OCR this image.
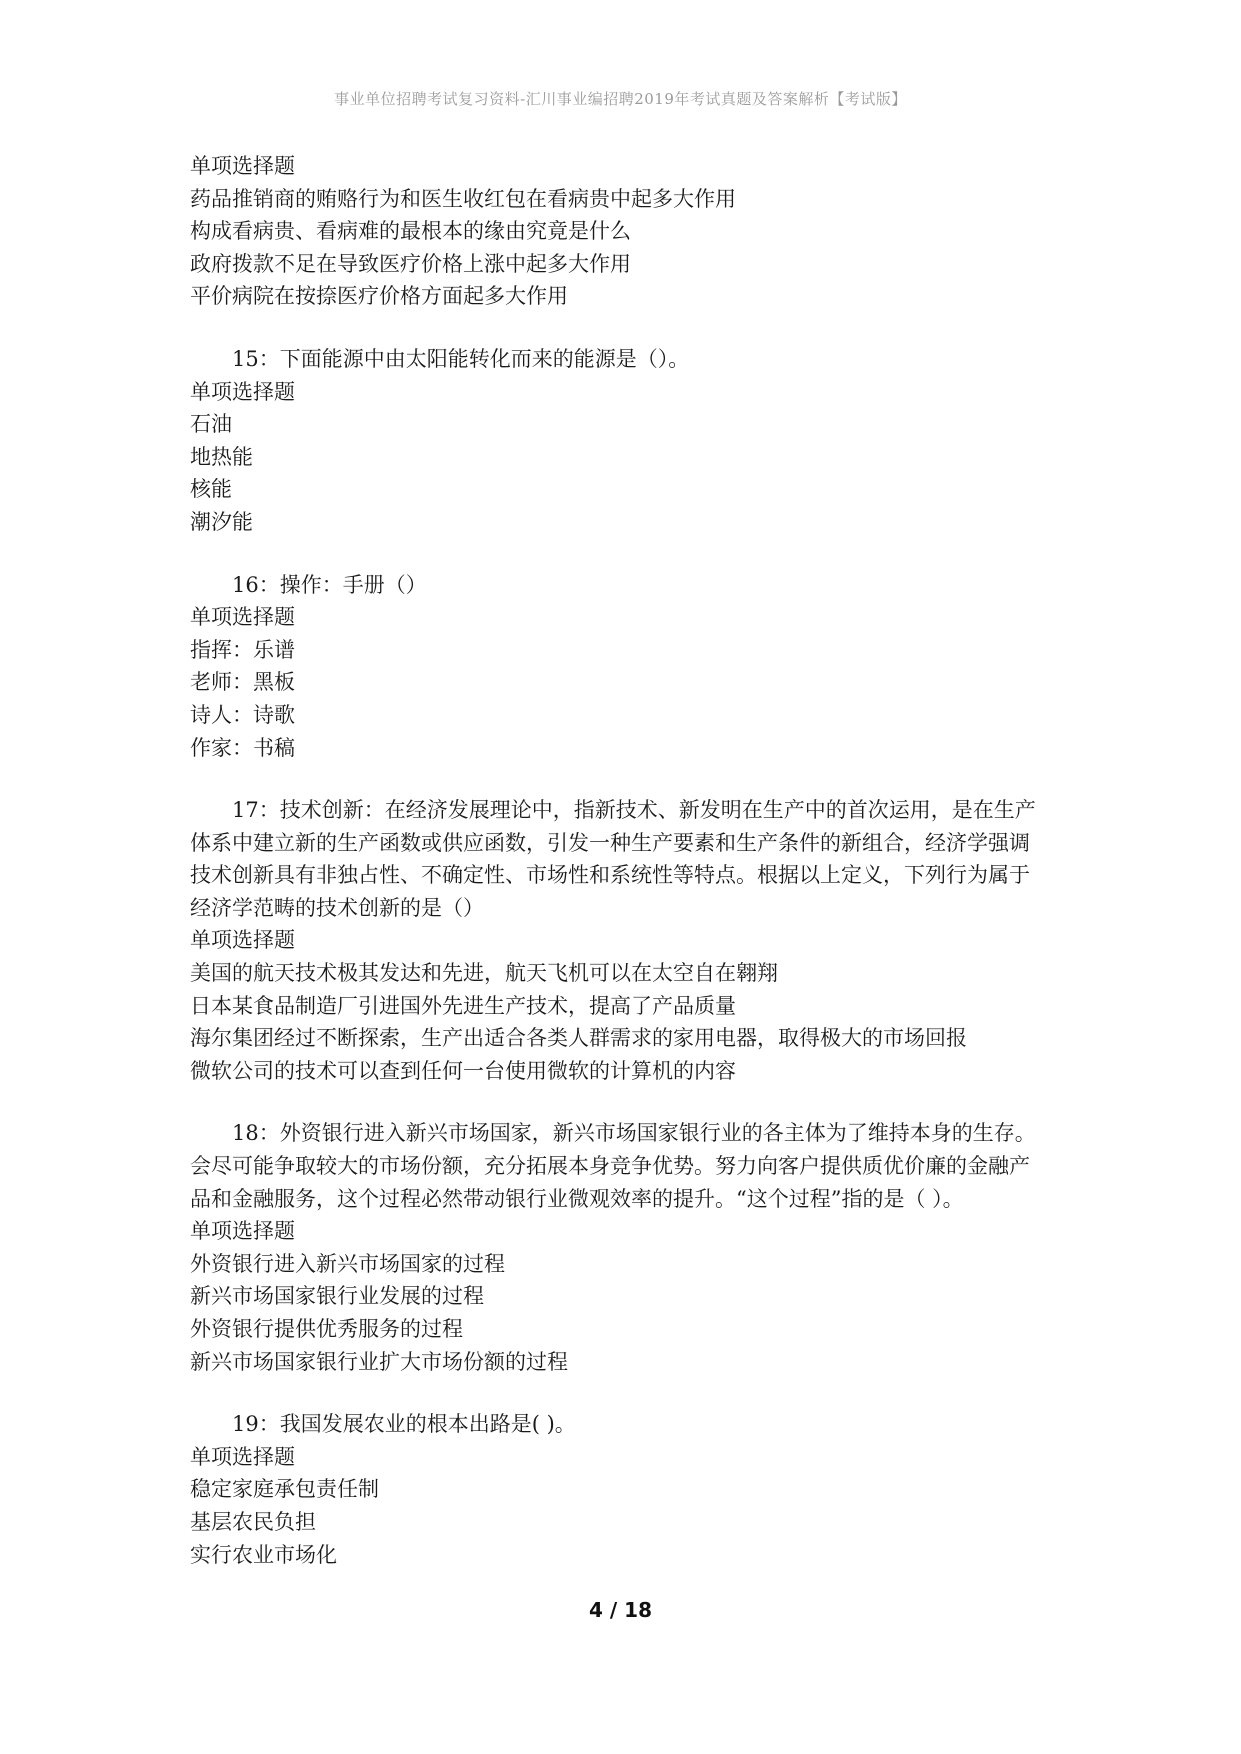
事业单位招聘考试复习资料-汇川事业编招聘2019年考试真题及答案解析【考试版】
单项选择题
药品推销商的贿赂行为和医生收红包在看病贵中起多大作用
构成看病贵、看病难的最根本的缘由究竟是什么
政府拨款不足在导致医疗价格上涨中起多大作用
平价病院在按捺医疗价格方面起多大作用
15：下面能源中由太阳能转化而来的能源是（）。
单项选择题
石油
地热能
核能
潮汐能
16：操作：手册（）
单项选择题
指挥：乐谱
老师：黑板
诗人：诗歌
作家：书稿
17：技术创新：在经济发展理论中，指新技术、新发明在生产中的首次运用，是在生产
体系中建立新的生产函数或供应函数，引发一种生产要素和生产条件的新组合，经济学强调
技术创新具有非独占性、不确定性、市场性和系统性等特点。根据以上定义，下列行为属于
经济学范畴的技术创新的是（）
单项选择题
美国的航天技术极其发达和先进，航天飞机可以在太空自在翱翔
日本某食品制造厂引进国外先进生产技术，提高了产品质量
海尔集团经过不断探索，生产出适合各类人群需求的家用电器，取得极大的市场回报
微软公司的技术可以查到任何一台使用微软的计算机的内容
18：外资银行进入新兴市场国家，新兴市场国家银行业的各主体为了维持本身的生存。
会尽可能争取较大的市场份额，充分拓展本身竞争优势。努力向客户提供质优价廉的金融产
品和金融服务，这个过程必然带动银行业微观效率的提升。“这个过程”指的是（ ）。
单项选择题
外资银行进入新兴市场国家的过程
新兴市场国家银行业发展的过程
外资银行提供优秀服务的过程
新兴市场国家银行业扩大市场份额的过程
19：我国发展农业的根本出路是( )。
单项选择题
稳定家庭承包责任制
基层农民负担
实行农业市场化
4 / 18
